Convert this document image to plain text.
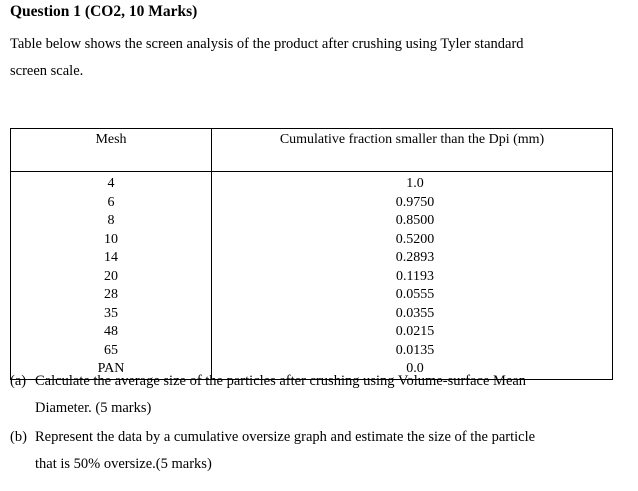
Question 1 (CO2, 10 Marks)
Table below shows the screen analysis of the product after crushing using Tyler standard
screen scale.
Mesh	Cumulative fraction smaller than the Dpi (mm)
4	1.0
6	0.9750
8	0.8500
10	0.5200
14	0.2893
20	0.1193
28	0.0555
35	0.0355
48	0.0215
65	0.0135
PAN	0.0
(a) Calculate the average size of the particles after crushing using Volume-surface Mean
Diameter. (5 marks)
(b) Represent the data by a cumulative oversize graph and estimate the size of the particle
that is 50% oversize.(5 marks)
